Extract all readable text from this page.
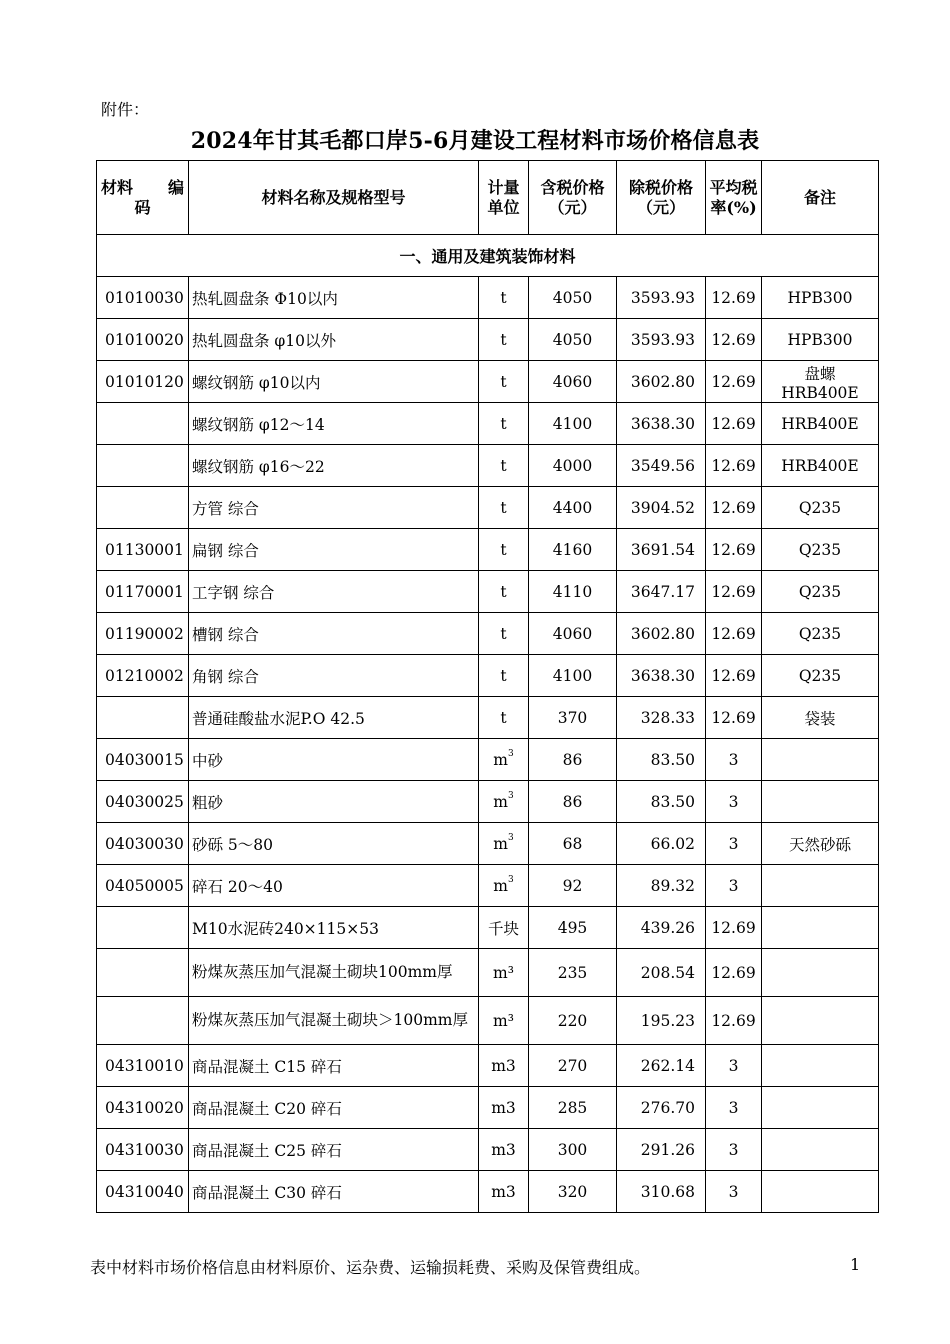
附件：
2024年甘其毛都口岸5-6月建设工程材料市场价格信息表
材料 编
码	材料名称及规格型号	计量单位	含税价格（元）	除税价格（元）	平均税率(%)	备注
一、通用及建筑装饰材料						
01010030	热轧圆盘条 Φ10以内	t	4050	3593.93	12.69	HPB300
01010020	热轧圆盘条 φ10以外	t	4050	3593.93	12.69	HPB300
01010120	螺纹钢筋 φ10以内	t	4060	3602.80	12.69	盘螺 HRB400E
	螺纹钢筋 φ12～14	t	4100	3638.30	12.69	HRB400E
	螺纹钢筋 φ16～22	t	4000	3549.56	12.69	HRB400E
	方管 综合	t	4400	3904.52	12.69	Q235
01130001	扁钢 综合	t	4160	3691.54	12.69	Q235
01170001	工字钢 综合	t	4110	3647.17	12.69	Q235
01190002	槽钢 综合	t	4060	3602.80	12.69	Q235
01210002	角钢 综合	t	4100	3638.30	12.69	Q235
	普通硅酸盐水泥P.O 42.5	t	370	328.33	12.69	袋装
04030015	中砂	$m^3$	86	83.50	3	
04030025	粗砂	$m^3$	86	83.50	3	
04030030	砂砾 5～80	$m^3$	68	66.02	3	天然砂砾
04050005	碎石 20～40	$m^3$	92	89.32	3	
	M10水泥砖240×115×53	千块	495	439.26	12.69	
	粉煤灰蒸压加气混凝土砌块100mm厚	m³	235	208.54	12.69	
	粉煤灰蒸压加气混凝土砌块＞100mm厚	m³	220	195.23	12.69	
04310010	商品混凝土 C15 碎石	m3	270	262.14	3	
04310020	商品混凝土 C20 碎石	m3	285	276.70	3	
04310030	商品混凝土 C25 碎石	m3	300	291.26	3	
04310040	商品混凝土 C30 碎石	m3	320	310.68	3	
表中材料市场价格信息由材料原价、运杂费、运输损耗费、采购及保管费组成。	1
